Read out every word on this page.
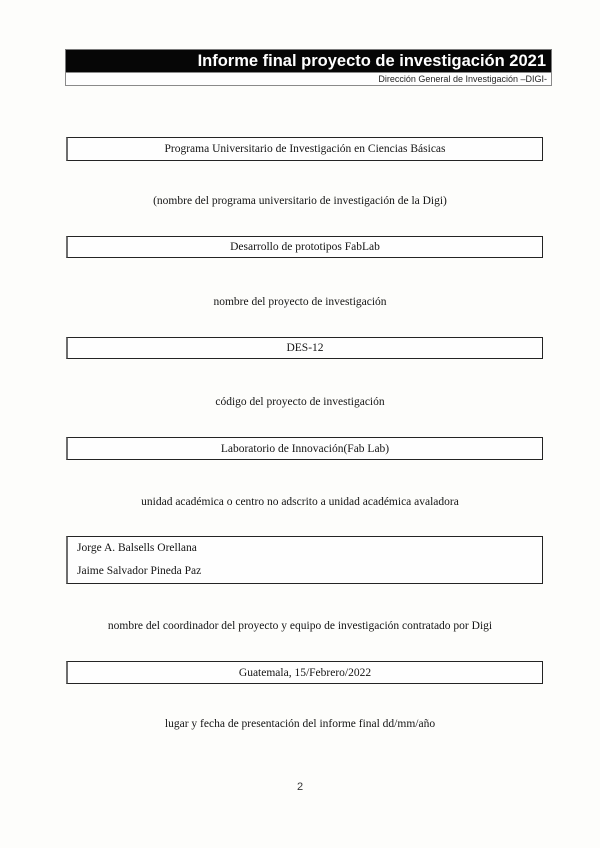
Informe final proyecto de investigación 2021
Dirección General de Investigación –DIGI-
Programa Universitario de Investigación en Ciencias Básicas
(nombre del programa universitario de investigación de la Digi)
Desarrollo de prototipos FabLab
nombre del proyecto de investigación
DES-12
código del proyecto de investigación
Laboratorio de Innovación(Fab Lab)
unidad académica o centro no adscrito a unidad académica avaladora
Jorge A. Balsells Orellana
Jaime Salvador Pineda Paz
nombre del coordinador del proyecto y equipo de investigación contratado por Digi
Guatemala, 15/Febrero/2022
lugar y fecha de presentación del informe final dd/mm/año
2
